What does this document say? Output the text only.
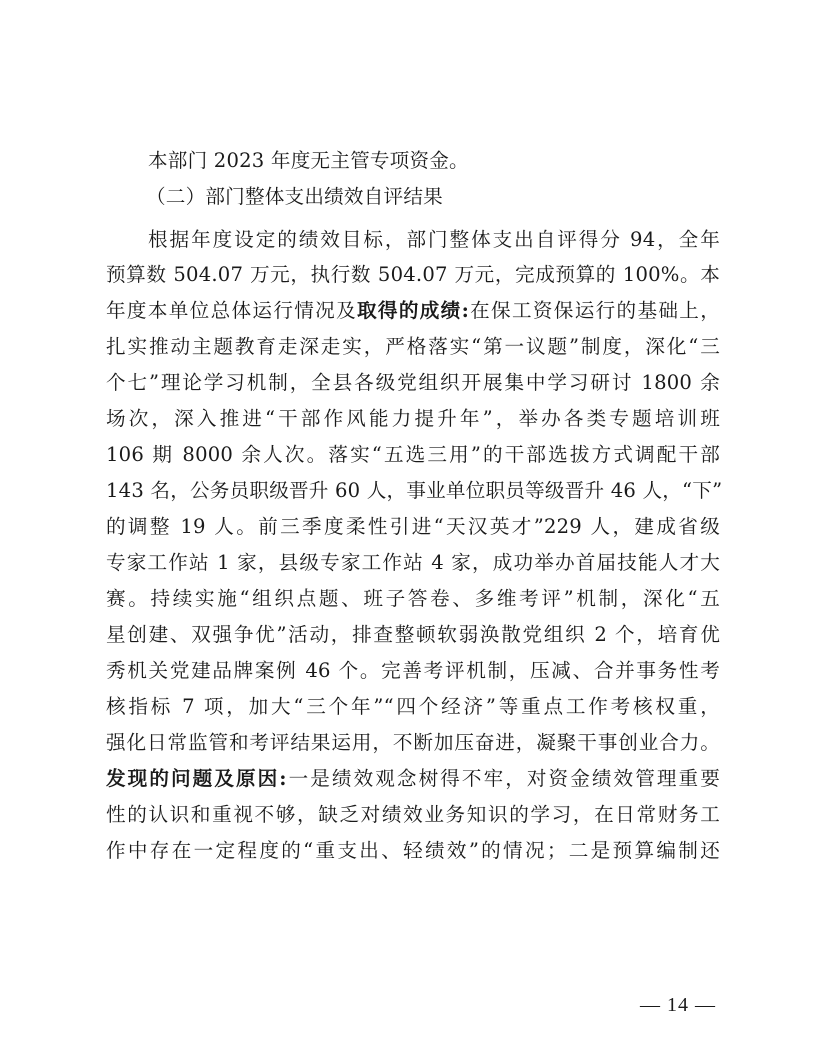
本部门 2023 年度无主管专项资金。
（二）部门整体支出绩效自评结果
根据年度设定的绩效目标，部门整体支出自评得分 94，全年
预算数 504.07 万元，执行数 504.07 万元，完成预算的 100%。本
年度本单位总体运行情况及取得的成绩:在保工资保运行的基础上，
扎实推动主题教育走深走实，严格落实“第一议题”制度，深化“三
个七”理论学习机制，全县各级党组织开展集中学习研讨 1800 余
场次，深入推进“干部作风能力提升年”，举办各类专题培训班
106 期 8000 余人次。落实“五选三用”的干部选拔方式调配干部
143 名，公务员职级晋升 60 人，事业单位职员等级晋升 46 人，“下”
的调整 19 人。前三季度柔性引进“天汉英才”229 人，建成省级
专家工作站 1 家，县级专家工作站 4 家，成功举办首届技能人才大
赛。持续实施“组织点题、班子答卷、多维考评”机制，深化“五
星创建、双强争优”活动，排查整顿软弱涣散党组织 2 个，培育优
秀机关党建品牌案例 46 个。完善考评机制，压减、合并事务性考
核指标 7 项，加大“三个年”“四个经济”等重点工作考核权重，
强化日常监管和考评结果运用，不断加压奋进，凝聚干事创业合力。
发现的问题及原因:一是绩效观念树得不牢，对资金绩效管理重要
性的认识和重视不够，缺乏对绩效业务知识的学习，在日常财务工
作中存在一定程度的“重支出、轻绩效”的情况；二是预算编制还
— 14 —
